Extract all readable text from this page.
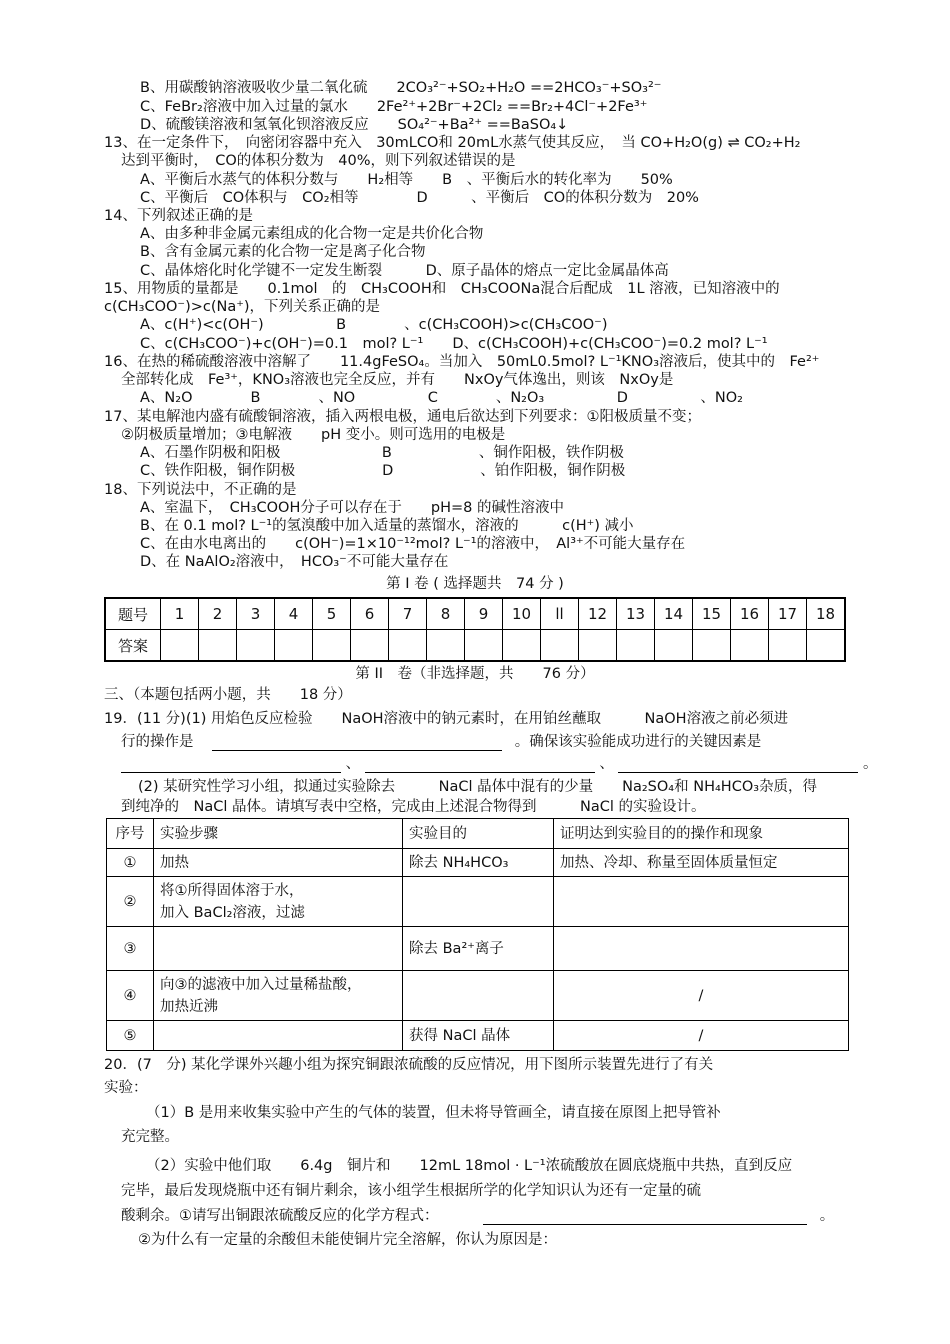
B、用碳酸钠溶液吸收少量二氧化硫　　2CO₃²⁻+SO₂+H₂O ==2HCO₃⁻+SO₃²⁻
C、FeBr₂溶液中加入过量的氯水　　2Fe²⁺+2Br⁻+2Cl₂ ==Br₂+4Cl⁻+2Fe³⁺
D、硫酸镁溶液和氢氧化钡溶液反应　　SO₄²⁻+Ba²⁺ ==BaSO₄↓
13、在一定条件下，　向密闭容器中充入　30mLCO和 20mL水蒸气使其反应，　当 CO+H₂O(g) ⇌ CO₂+H₂
达到平衡时，　CO的体积分数为　40%，则下列叙述错误的是
A、平衡后水蒸气的体积分数与　　H₂相等　　B　、平衡后水的转化率为　　50%
C、平衡后　CO体积与　CO₂相等　　　　D　　　、平衡后　CO的体积分数为　20%
14、下列叙述正确的是
A、由多种非金属元素组成的化合物一定是共价化合物
B、含有金属元素的化合物一定是离子化合物
C、晶体熔化时化学键不一定发生断裂　　　D、原子晶体的熔点一定比金属晶体高
15、用物质的量都是　　0.1mol　的　CH₃COOH和　CH₃COONa混合后配成　1L 溶液，已知溶液中的
c(CH₃COO⁻)>c(Na⁺)，下列关系正确的是
A、c(H⁺)<c(OH⁻)　　　　　B　　　　、c(CH₃COOH)>c(CH₃COO⁻)
C、c(CH₃COO⁻)+c(OH⁻)=0.1　mol? L⁻¹　　D、c(CH₃COOH)+c(CH₃COO⁻)=0.2 mol? L⁻¹
16、在热的稀硫酸溶液中溶解了　　11.4gFeSO₄。当加入　50mL0.5mol? L⁻¹KNO₃溶液后，使其中的　Fe²⁺
全部转化成　Fe³⁺，KNO₃溶液也完全反应，并有　　NxOy气体逸出，则该　NxOy是
A、N₂O　　　　B　　　　、NO　　　　　C　　　　、N₂O₃　　　　　D　　　　　、NO₂
17、某电解池内盛有硫酸铜溶液，插入两根电极，通电后欲达到下列要求：①阳极质量不变；
②阴极质量增加；③电解液　　pH 变小。则可选用的电极是
A、石墨作阴极和阳极　　　　　　　B　　　　　　、铜作阳极，铁作阴极
C、铁作阳极，铜作阴极　　　　　　D　　　　　　、铂作阳极，铜作阴极
18、下列说法中，不正确的是
A、室温下，　CH₃COOH分子可以存在于　　pH=8 的碱性溶液中
B、在 0.1 mol? L⁻¹的氢溴酸中加入适量的蒸馏水，溶液的　　　c(H⁺) 减小
C、在由水电离出的　　c(OH⁻)=1×10⁻¹²mol? L⁻¹的溶液中，　Al³⁺不可能大量存在
D、在 NaAlO₂溶液中，　HCO₃⁻不可能大量存在
第 I 卷 ( 选择题共　74 分 )
题号	1	2	3	4	5	6	7	8	9	10	ll	12	13	14	15	16	17	18
答案																		
第 II　卷（非选择题，共　　76 分）
三、（本题包括两小题，共　　18 分）
19．(11 分)(1) 用焰色反应检验　　NaOH溶液中的钠元素时，在用铂丝蘸取　　　NaOH溶液之前必须进
行的操作是	。确保该实验能成功进行的关键因素是
、	、	。
(2) 某研究性学习小组，拟通过实验除去　　　NaCl 晶体中混有的少量　　Na₂SO₄和 NH₄HCO₃杂质，得
到纯净的　NaCl 晶体。请填写表中空格，完成由上述混合物得到　　　NaCl 的实验设计。
序号	实验步骤	实验目的	证明达到实验目的的操作和现象
①	加热	除去 NH₄HCO₃	加热、冷却、称量至固体质量恒定
②	将①所得固体溶于水，
加入 BaCl₂溶液，过滤		
③		除去 Ba²⁺离子	
④	向③的滤液中加入过量稀盐酸，
加热近沸		/
⑤		获得 NaCl 晶体	/
20．(7　分) 某化学课外兴趣小组为探究铜跟浓硫酸的反应情况，用下图所示装置先进行了有关
实验：
（1）B 是用来收集实验中产生的气体的装置，但未将导管画全，请直接在原图上把导管补
充完整。
（2）实验中他们取　　6.4g　铜片和　　12mL 18mol · L⁻¹浓硫酸放在圆底烧瓶中共热，直到反应
完毕，最后发现烧瓶中还有铜片剩余，该小组学生根据所学的化学知识认为还有一定量的硫
酸剩余。①请写出铜跟浓硫酸反应的化学方程式：	。
②为什么有一定量的余酸但未能使铜片完全溶解，你认为原因是：
